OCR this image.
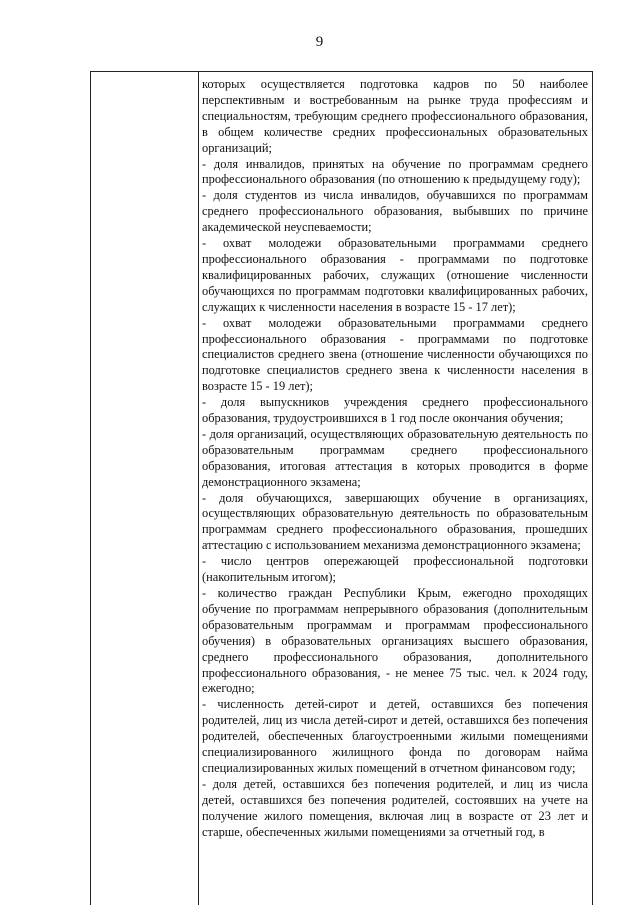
9

которых осуществляется подготовка кадров по 50 наиболее перспективным и востребованным на рынке труда профессиям и специальностям, требующим среднего профессионального образования, в общем количестве средних профессиональных образовательных организаций;

- доля инвалидов, принятых на обучение по программам среднего профессионального образования (по отношению к предыдущему году);

- доля студентов из числа инвалидов, обучавшихся по программам среднего профессионального образования, выбывших по причине академической неуспеваемости;

- охват молодежи образовательными программами среднего профессионального образования - программами по подготовке квалифицированных рабочих, служащих (отношение численности обучающихся по программам подготовки квалифицированных рабочих, служащих к численности населения в возрасте 15 - 17 лет);

- охват молодежи образовательными программами среднего профессионального образования - программами по подготовке специалистов среднего звена (отношение численности обучающихся по подготовке специалистов среднего звена к численности населения в возрасте 15 - 19 лет);

- доля выпускников учреждения среднего профессионального образования, трудоустроившихся в 1 год после окончания обучения;

- доля организаций, осуществляющих образовательную деятельность по образовательным программам среднего профессионального образования, итоговая аттестация в которых проводится в форме демонстрационного экзамена;

- доля обучающихся, завершающих обучение в организациях, осуществляющих образовательную деятельность по образовательным программам среднего профессионального образования, прошедших аттестацию с использованием механизма демонстрационного экзамена;

- число центров опережающей профессиональной подготовки (накопительным итогом);

- количество граждан Республики Крым, ежегодно проходящих обучение по программам непрерывного образования (дополнительным образовательным программам и программам профессионального обучения) в образовательных организациях высшего образования, среднего профессионального образования, дополнительного профессионального образования, - не менее 75 тыс. чел. к 2024 году, ежегодно;

- численность детей-сирот и детей, оставшихся без попечения родителей, лиц из числа детей-сирот и детей, оставшихся без попечения родителей, обеспеченных благоустроенными жилыми помещениями специализированного жилищного фонда по договорам найма специализированных жилых помещений в отчетном финансовом году;

- доля детей, оставшихся без попечения родителей, и лиц из числа детей, оставшихся без попечения родителей, состоявших на учете на получение жилого помещения, включая лиц в возрасте от 23 лет и старше, обеспеченных жилыми помещениями за отчетный год, в
